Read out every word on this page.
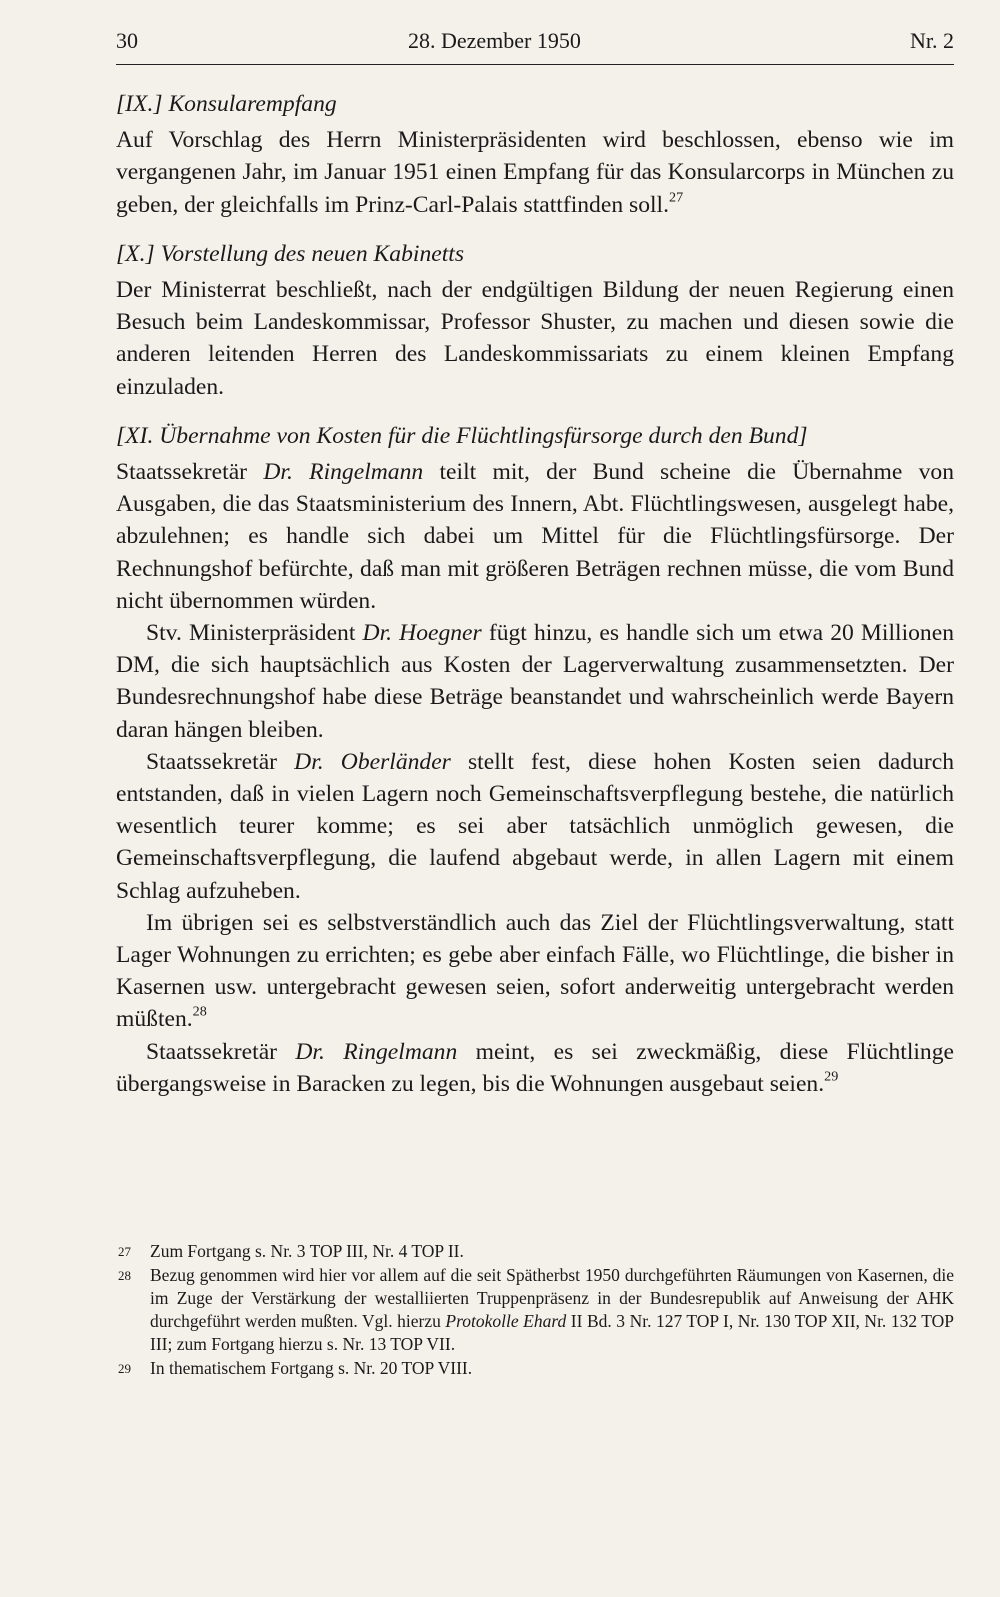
30	28. Dezember 1950	Nr. 2
[IX.] Konsularempfang

Auf Vorschlag des Herrn Ministerpräsidenten wird beschlossen, ebenso wie im vergangenen Jahr, im Januar 1951 einen Empfang für das Konsularcorps in München zu geben, der gleichfalls im Prinz-Carl-Palais stattfinden soll.$^{27}$

[X.] Vorstellung des neuen Kabinetts

Der Ministerrat beschließt, nach der endgültigen Bildung der neuen Regierung einen Besuch beim Landeskommissar, Professor Shuster, zu machen und diesen sowie die anderen leitenden Herren des Landeskommissariats zu einem kleinen Empfang einzuladen.

[XI. Übernahme von Kosten für die Flüchtlingsfürsorge durch den Bund]

Staatssekretär Dr. Ringelmann teilt mit, der Bund scheine die Übernahme von Ausgaben, die das Staatsministerium des Innern, Abt. Flüchtlingswesen, ausgelegt habe, abzulehnen; es handle sich dabei um Mittel für die Flüchtlingsfürsorge. Der Rechnungshof befürchte, daß man mit größeren Beträgen rechnen müsse, die vom Bund nicht übernommen würden.

Stv. Ministerpräsident Dr. Hoegner fügt hinzu, es handle sich um etwa 20 Millionen DM, die sich hauptsächlich aus Kosten der Lagerverwaltung zusammensetzten. Der Bundesrechnungshof habe diese Beträge beanstandet und wahrscheinlich werde Bayern daran hängen bleiben.

Staatssekretär Dr. Oberländer stellt fest, diese hohen Kosten seien dadurch entstanden, daß in vielen Lagern noch Gemeinschaftsverpflegung bestehe, die natürlich wesentlich teurer komme; es sei aber tatsächlich unmöglich gewesen, die Gemeinschaftsverpflegung, die laufend abgebaut werde, in allen Lagern mit einem Schlag aufzuheben.

Im übrigen sei es selbstverständlich auch das Ziel der Flüchtlingsverwaltung, statt Lager Wohnungen zu errichten; es gebe aber einfach Fälle, wo Flüchtlinge, die bisher in Kasernen usw. untergebracht gewesen seien, sofort anderweitig untergebracht werden müßten.$^{28}$

Staatssekretär Dr. Ringelmann meint, es sei zweckmäßig, diese Flüchtlinge übergangsweise in Baracken zu legen, bis die Wohnungen ausgebaut seien.$^{29}$

27 Zum Fortgang s. Nr. 3 TOP III, Nr. 4 TOP II.

28 Bezug genommen wird hier vor allem auf die seit Spätherbst 1950 durchgeführten Räumungen von Kasernen, die im Zuge der Verstärkung der westalliierten Truppenpräsenz in der Bundesrepublik auf Anweisung der AHK durchgeführt werden mußten. Vgl. hierzu Protokolle Ehard II Bd. 3 Nr. 127 TOP I, Nr. 130 TOP XII, Nr. 132 TOP III; zum Fortgang hierzu s. Nr. 13 TOP VII.

29 In thematischem Fortgang s. Nr. 20 TOP VIII.
